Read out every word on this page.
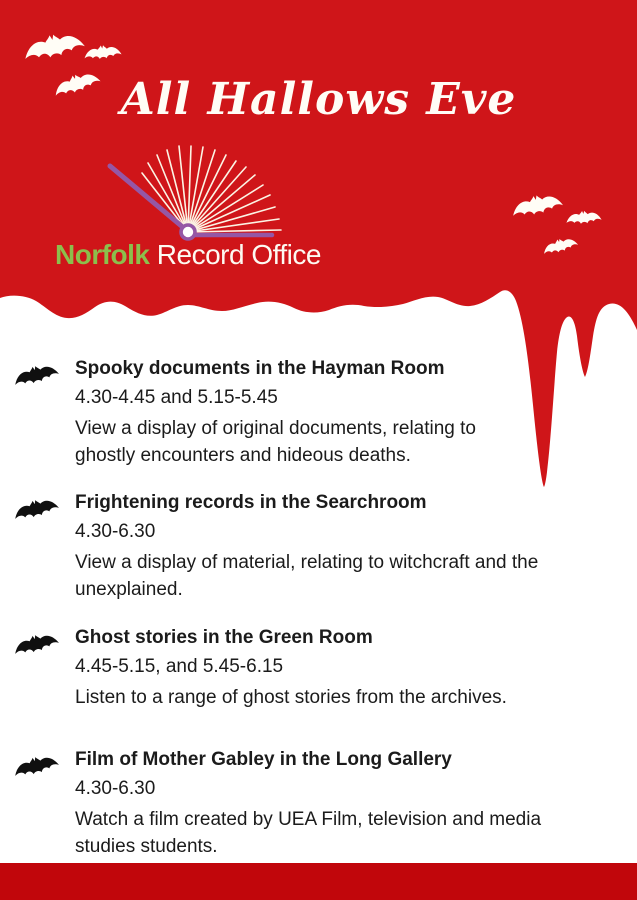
All Hallows Eve
Norfolk Record Office
Spooky documents in the Hayman Room
4.30-4.45 and 5.15-5.45
View a display of original documents, relating to
ghostly encounters and hideous deaths.
Frightening records in the Searchroom
4.30-6.30
View a display of material, relating to witchcraft and the
unexplained.
Ghost stories in the Green Room
4.45-5.15, and 5.45-6.15
Listen to a range of ghost stories from the archives.
Film of Mother Gabley in the Long Gallery
4.30-6.30
Watch a film created by UEA Film, television and media
studies students.
